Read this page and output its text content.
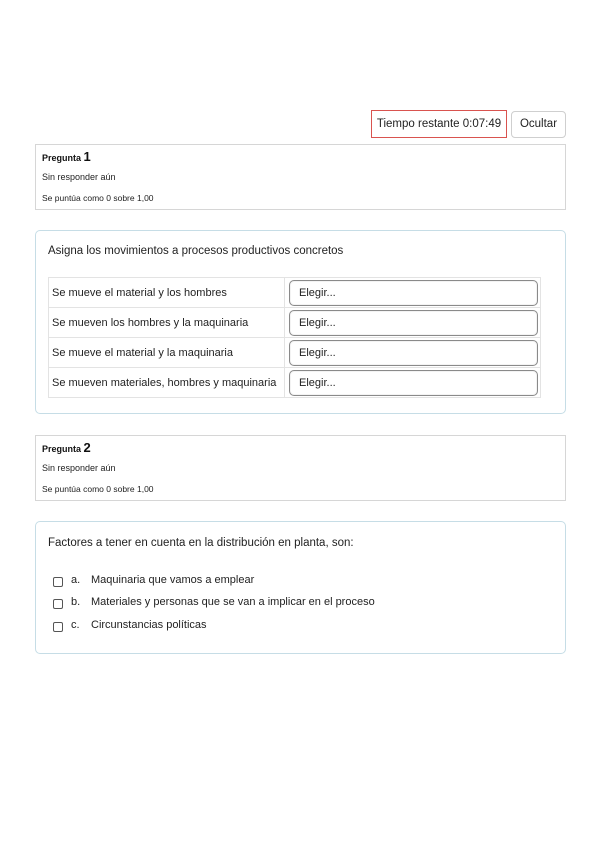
Tiempo restante 0:07:49	Ocultar
Pregunta 1
Sin responder aún
Se puntúa como 0 sobre 1,00
Asigna los movimientos a procesos productivos concretos
Se mueve el material y los hombres	Elegir...

Se mueven los hombres y la maquinaria	Elegir...

Se mueve el material y la maquinaria	Elegir...

Se mueven materiales, hombres y maquinaria	Elegir...
Pregunta 2
Sin responder aún
Se puntúa como 0 sobre 1,00
Factores a tener en cuenta en la distribución en planta, son:
a. Maquinaria que vamos a emplear
b. Materiales y personas que se van a implicar en el proceso
c. Circunstancias políticas
